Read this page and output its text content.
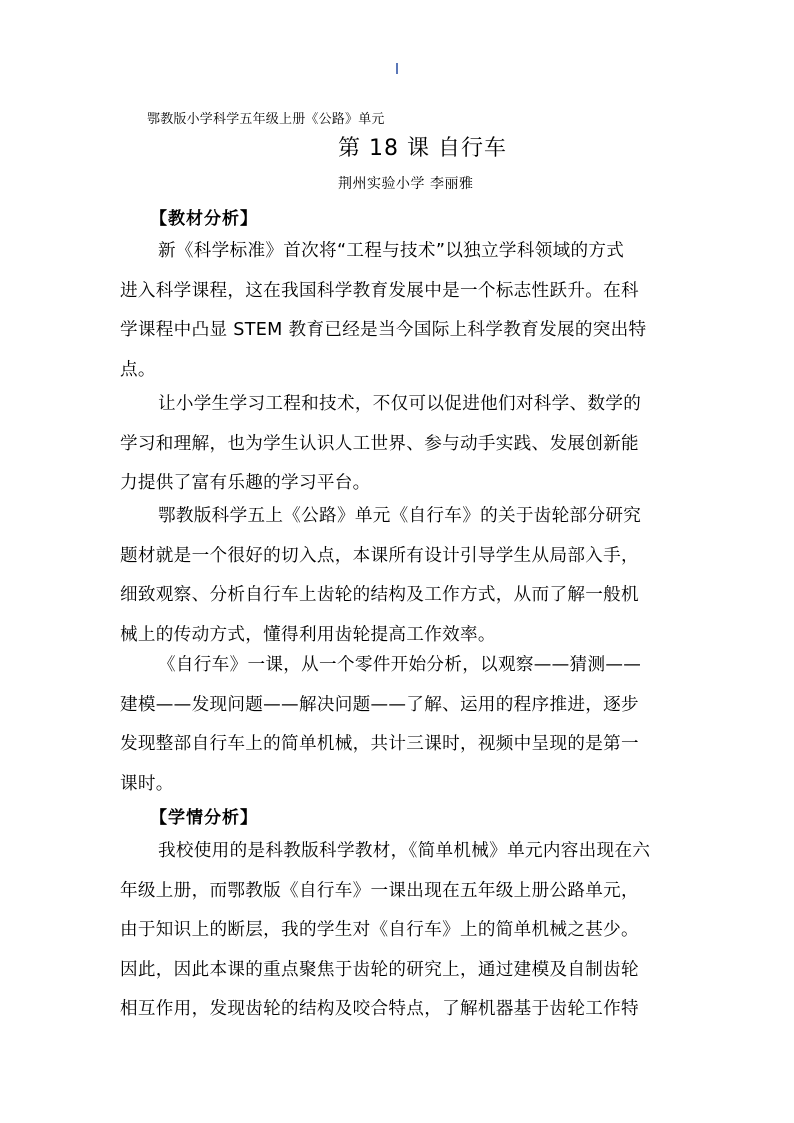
鄂教版小学科学五年级上册《公路》单元
第 18 课 自行车
荆州实验小学 李丽雅
【教材分析】
新《科学标准》首次将“工程与技术”以独立学科领域的方式
进入科学课程，这在我国科学教育发展中是一个标志性跃升。在科
学课程中凸显 STEM 教育已经是当今国际上科学教育发展的突出特
点。
让小学生学习工程和技术，不仅可以促进他们对科学、数学的
学习和理解，也为学生认识人工世界、参与动手实践、发展创新能
力提供了富有乐趣的学习平台。
鄂教版科学五上《公路》单元《自行车》的关于齿轮部分研究
题材就是一个很好的切入点，本课所有设计引导学生从局部入手，
细致观察、分析自行车上齿轮的结构及工作方式，从而了解一般机
械上的传动方式，懂得利用齿轮提高工作效率。
《自行车》一课，从一个零件开始分析，以观察——猜测——
建模——发现问题——解决问题——了解、运用的程序推进，逐步
发现整部自行车上的简单机械，共计三课时，视频中呈现的是第一
课时。
【学情分析】
我校使用的是科教版科学教材，《简单机械》单元内容出现在六
年级上册，而鄂教版《自行车》一课出现在五年级上册公路单元，
由于知识上的断层，我的学生对《自行车》上的简单机械之甚少。
因此，因此本课的重点聚焦于齿轮的研究上，通过建模及自制齿轮
相互作用，发现齿轮的结构及咬合特点，了解机器基于齿轮工作特
